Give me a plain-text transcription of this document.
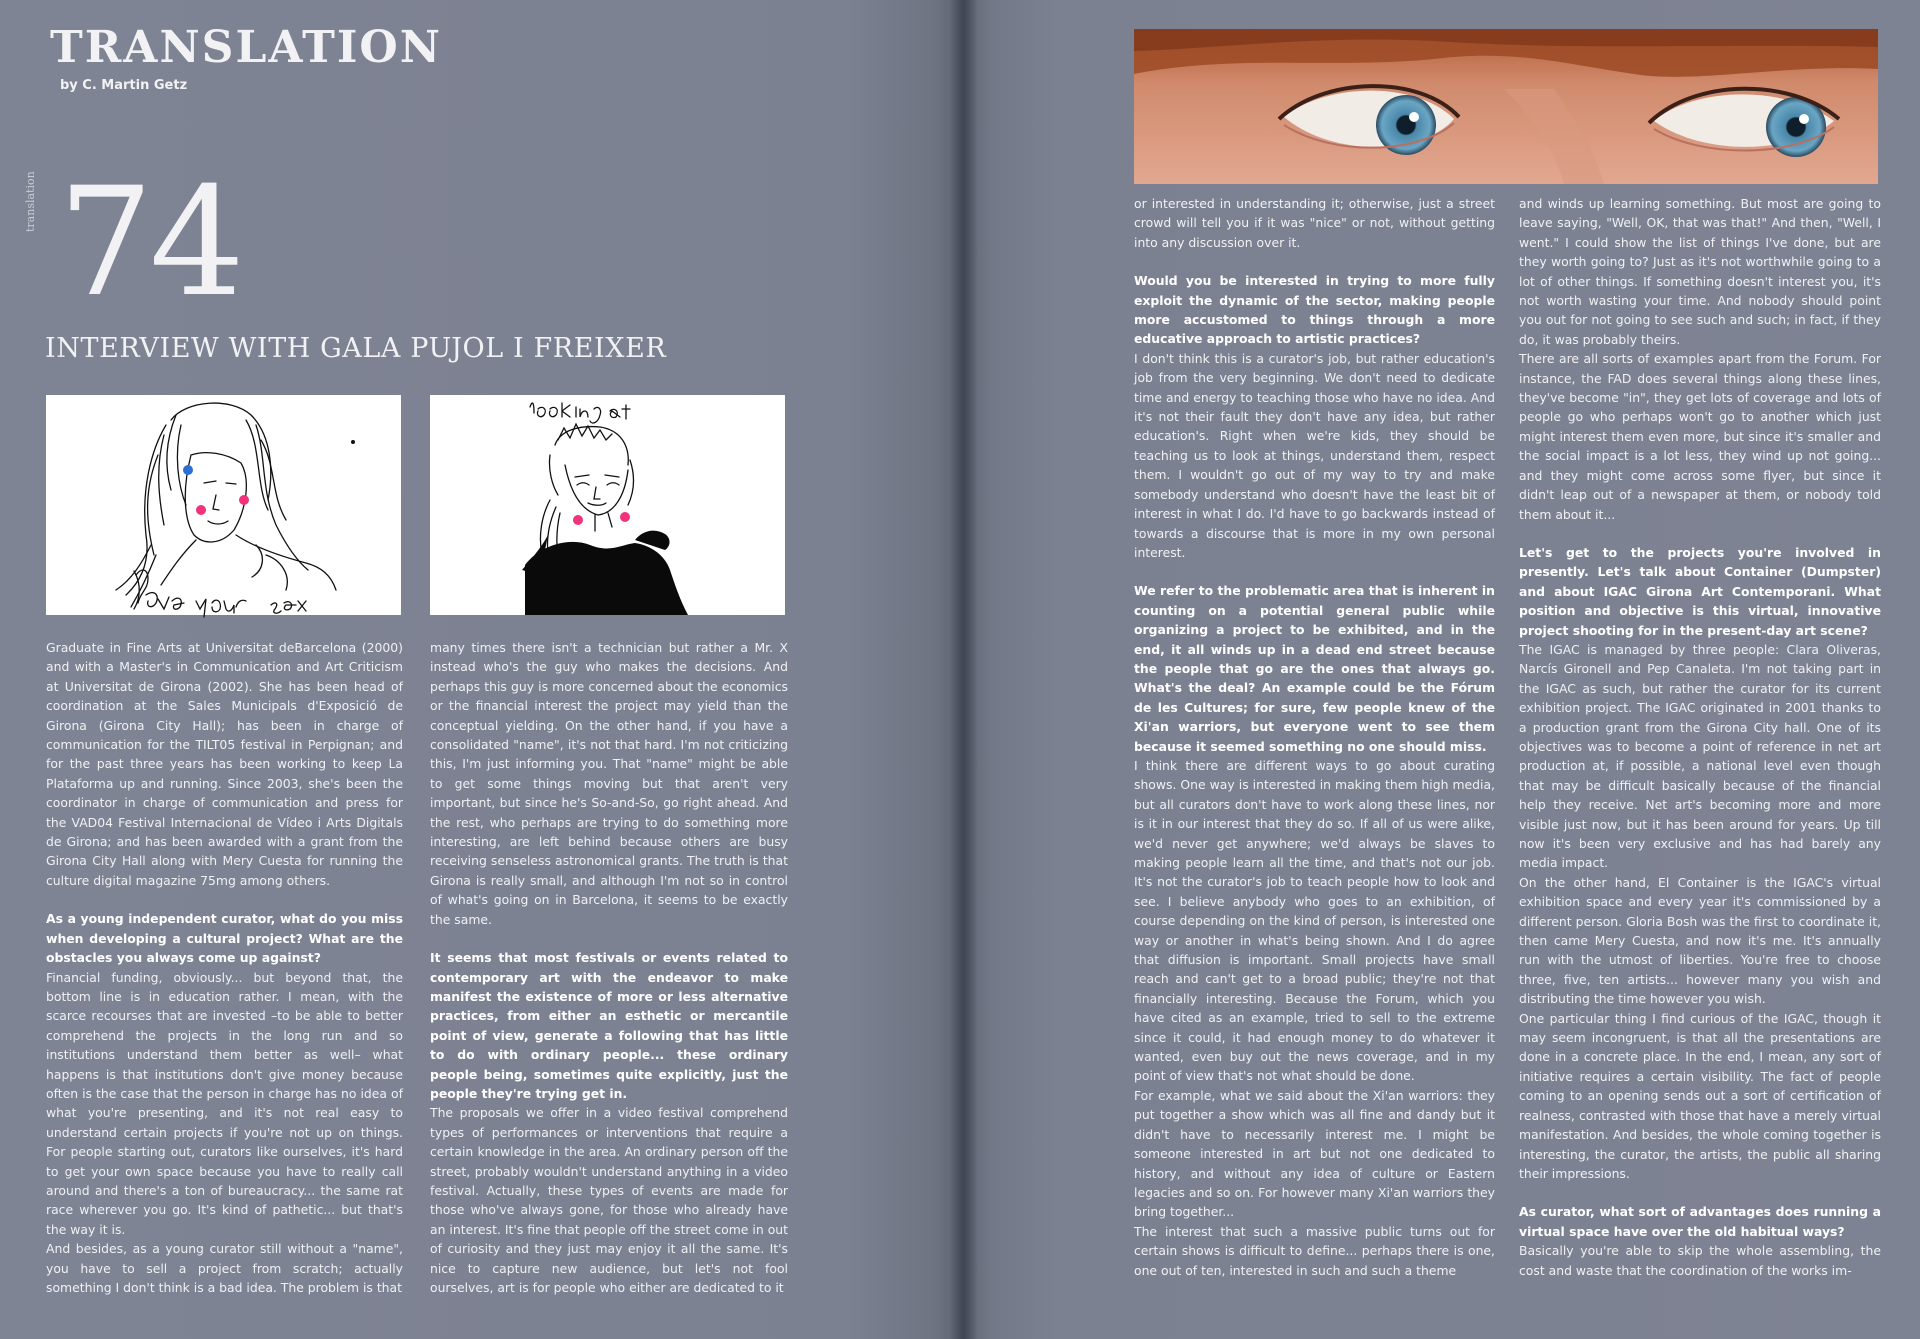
TRANSLATION
by C. Martin Getz
translation 74
INTERVIEW WITH GALA PUJOL I FREIXER

Graduate in Fine Arts at Universitat deBarcelona (2000) and with a Master's in Communication and Art Criticism at Universitat de Girona (2002). She has been head of coordination at the Sales Municipals d'Exposició de Girona (Girona City Hall); has been in charge of communication for the TILT05 festival in Perpignan; and for the past three years has been working to keep La Plataforma up and running. Since 2003, she's been the coordinator in charge of communication and press for the VAD04 Festival Internacional de Vídeo i Arts Digitals de Girona; and has been awarded with a grant from the Girona City Hall along with Mery Cuesta for running the culture digital magazine 75mg among others.

As a young independent curator, what do you miss when developing a cultural project? What are the obstacles you always come up against?

Financial funding, obviously... but beyond that, the bottom line is in education rather. I mean, with the scarce recourses that are invested –to be able to better comprehend the projects in the long run and so institutions understand them better as well– what happens is that institutions don't give money because often is the case that the person in charge has no idea of what you're presenting, and it's not real easy to understand certain projects if you're not up on things. For people starting out, curators like ourselves, it's hard to get your own space because you have to really call around and there's a ton of bureaucracy... the same rat race wherever you go. It's kind of pathetic... but that's the way it is.

And besides, as a young curator still without a "name", you have to sell a project from scratch; actually something I don't think is a bad idea. The problem is that

many times there isn't a technician but rather a Mr. X instead who's the guy who makes the decisions. And perhaps this guy is more concerned about the economics or the financial interest the project may yield than the conceptual yielding. On the other hand, if you have a consolidated "name", it's not that hard. I'm not criticizing this, I'm just informing you. That "name" might be able to get some things moving but that aren't very important, but since he's So-and-So, go right ahead. And the rest, who perhaps are trying to do something more interesting, are left behind because others are busy receiving senseless astronomical grants. The truth is that Girona is really small, and although I'm not so in control of what's going on in Barcelona, it seems to be exactly the same.

It seems that most festivals or events related to contemporary art with the endeavor to make manifest the existence of more or less alternative practices, from either an esthetic or mercantile point of view, generate a following that has little to do with ordinary people... these ordinary people being, sometimes quite explicitly, just the people they're trying get in.

The proposals we offer in a video festival comprehend types of performances or interventions that require a certain knowledge in the area. An ordinary person off the street, probably wouldn't understand anything in a video festival. Actually, these types of events are made for those who've always gone, for those who already have an interest. It's fine that people off the street come in out of curiosity and they just may enjoy it all the same. It's nice to capture new audience, but let's not fool ourselves, art is for people who either are dedicated to it

or interested in understanding it; otherwise, just a street crowd will tell you if it was "nice" or not, without getting into any discussion over it.

Would you be interested in trying to more fully exploit the dynamic of the sector, making people more accustomed to things through a more educative approach to artistic practices?

I don't think this is a curator's job, but rather education's job from the very beginning. We don't need to dedicate time and energy to teaching those who have no idea. And it's not their fault they don't have any idea, but rather education's. Right when we're kids, they should be teaching us to look at things, understand them, respect them. I wouldn't go out of my way to try and make somebody understand who doesn't have the least bit of interest in what I do. I'd have to go backwards instead of towards a discourse that is more in my own personal interest.

We refer to the problematic area that is inherent in counting on a potential general public while organizing a project to be exhibited, and in the end, it all winds up in a dead end street because the people that go are the ones that always go. What's the deal? An example could be the Fórum de les Cultures; for sure, few people knew of the Xi'an warriors, but everyone went to see them because it seemed something no one should miss.

I think there are different ways to go about curating shows. One way is interested in making them high media, but all curators don't have to work along these lines, nor is it in our interest that they do so. If all of us were alike, we'd never get anywhere; we'd always be slaves to making people learn all the time, and that's not our job. It's not the curator's job to teach people how to look and see. I believe anybody who goes to an exhibition, of course depending on the kind of person, is interested one way or another in what's being shown. And I do agree that diffusion is important. Small projects have small reach and can't get to a broad public; they're not that financially interesting. Because the Forum, which you have cited as an example, tried to sell to the extreme since it could, it had enough money to do whatever it wanted, even buy out the news coverage, and in my point of view that's not what should be done.

For example, what we said about the Xi'an warriors: they put together a show which was all fine and dandy but it didn't have to necessarily interest me. I might be someone interested in art but not one dedicated to history, and without any idea of culture or Eastern legacies and so on. For however many Xi'an warriors they bring together...

The interest that such a massive public turns out for certain shows is difficult to define... perhaps there is one, one out of ten, interested in such and such a theme

and winds up learning something. But most are going to leave saying, "Well, OK, that was that!" And then, "Well, I went." I could show the list of things I've done, but are they worth going to? Just as it's not worthwhile going to a lot of other things. If something doesn't interest you, it's not worth wasting your time. And nobody should point you out for not going to see such and such; in fact, if they do, it was probably theirs.

There are all sorts of examples apart from the Forum. For instance, the FAD does several things along these lines, they've become "in", they get lots of coverage and lots of people go who perhaps won't go to another which just might interest them even more, but since it's smaller and the social impact is a lot less, they wind up not going... and they might come across some flyer, but since it didn't leap out of a newspaper at them, or nobody told them about it...

Let's get to the projects you're involved in presently. Let's talk about Container (Dumpster) and about IGAC Girona Art Contemporani. What position and objective is this virtual, innovative project shooting for in the present-day art scene?

The IGAC is managed by three people: Clara Oliveras, Narcís Gironell and Pep Canaleta. I'm not taking part in the IGAC as such, but rather the curator for its current exhibition project. The IGAC originated in 2001 thanks to a production grant from the Girona City hall. One of its objectives was to become a point of reference in net art production at, if possible, a national level even though that may be difficult basically because of the financial help they receive. Net art's becoming more and more visible just now, but it has been around for years. Up till now it's been very exclusive and has had barely any media impact.

On the other hand, El Container is the IGAC's virtual exhibition space and every year it's commissioned by a different person. Gloria Bosh was the first to coordinate it, then came Mery Cuesta, and now it's me. It's annually run with the utmost of liberties. You're free to choose three, five, ten artists... however many you wish and distributing the time however you wish.

One particular thing I find curious of the IGAC, though it may seem incongruent, is that all the presentations are done in a concrete place. In the end, I mean, any sort of initiative requires a certain visibility. The fact of people coming to an opening sends out a sort of certification of realness, contrasted with those that have a merely virtual manifestation. And besides, the whole coming together is interesting, the curator, the artists, the public all sharing their impressions.

As curator, what sort of advantages does running a virtual space have over the old habitual ways?

Basically you're able to skip the whole assembling, the cost and waste that the coordination of the works im-
